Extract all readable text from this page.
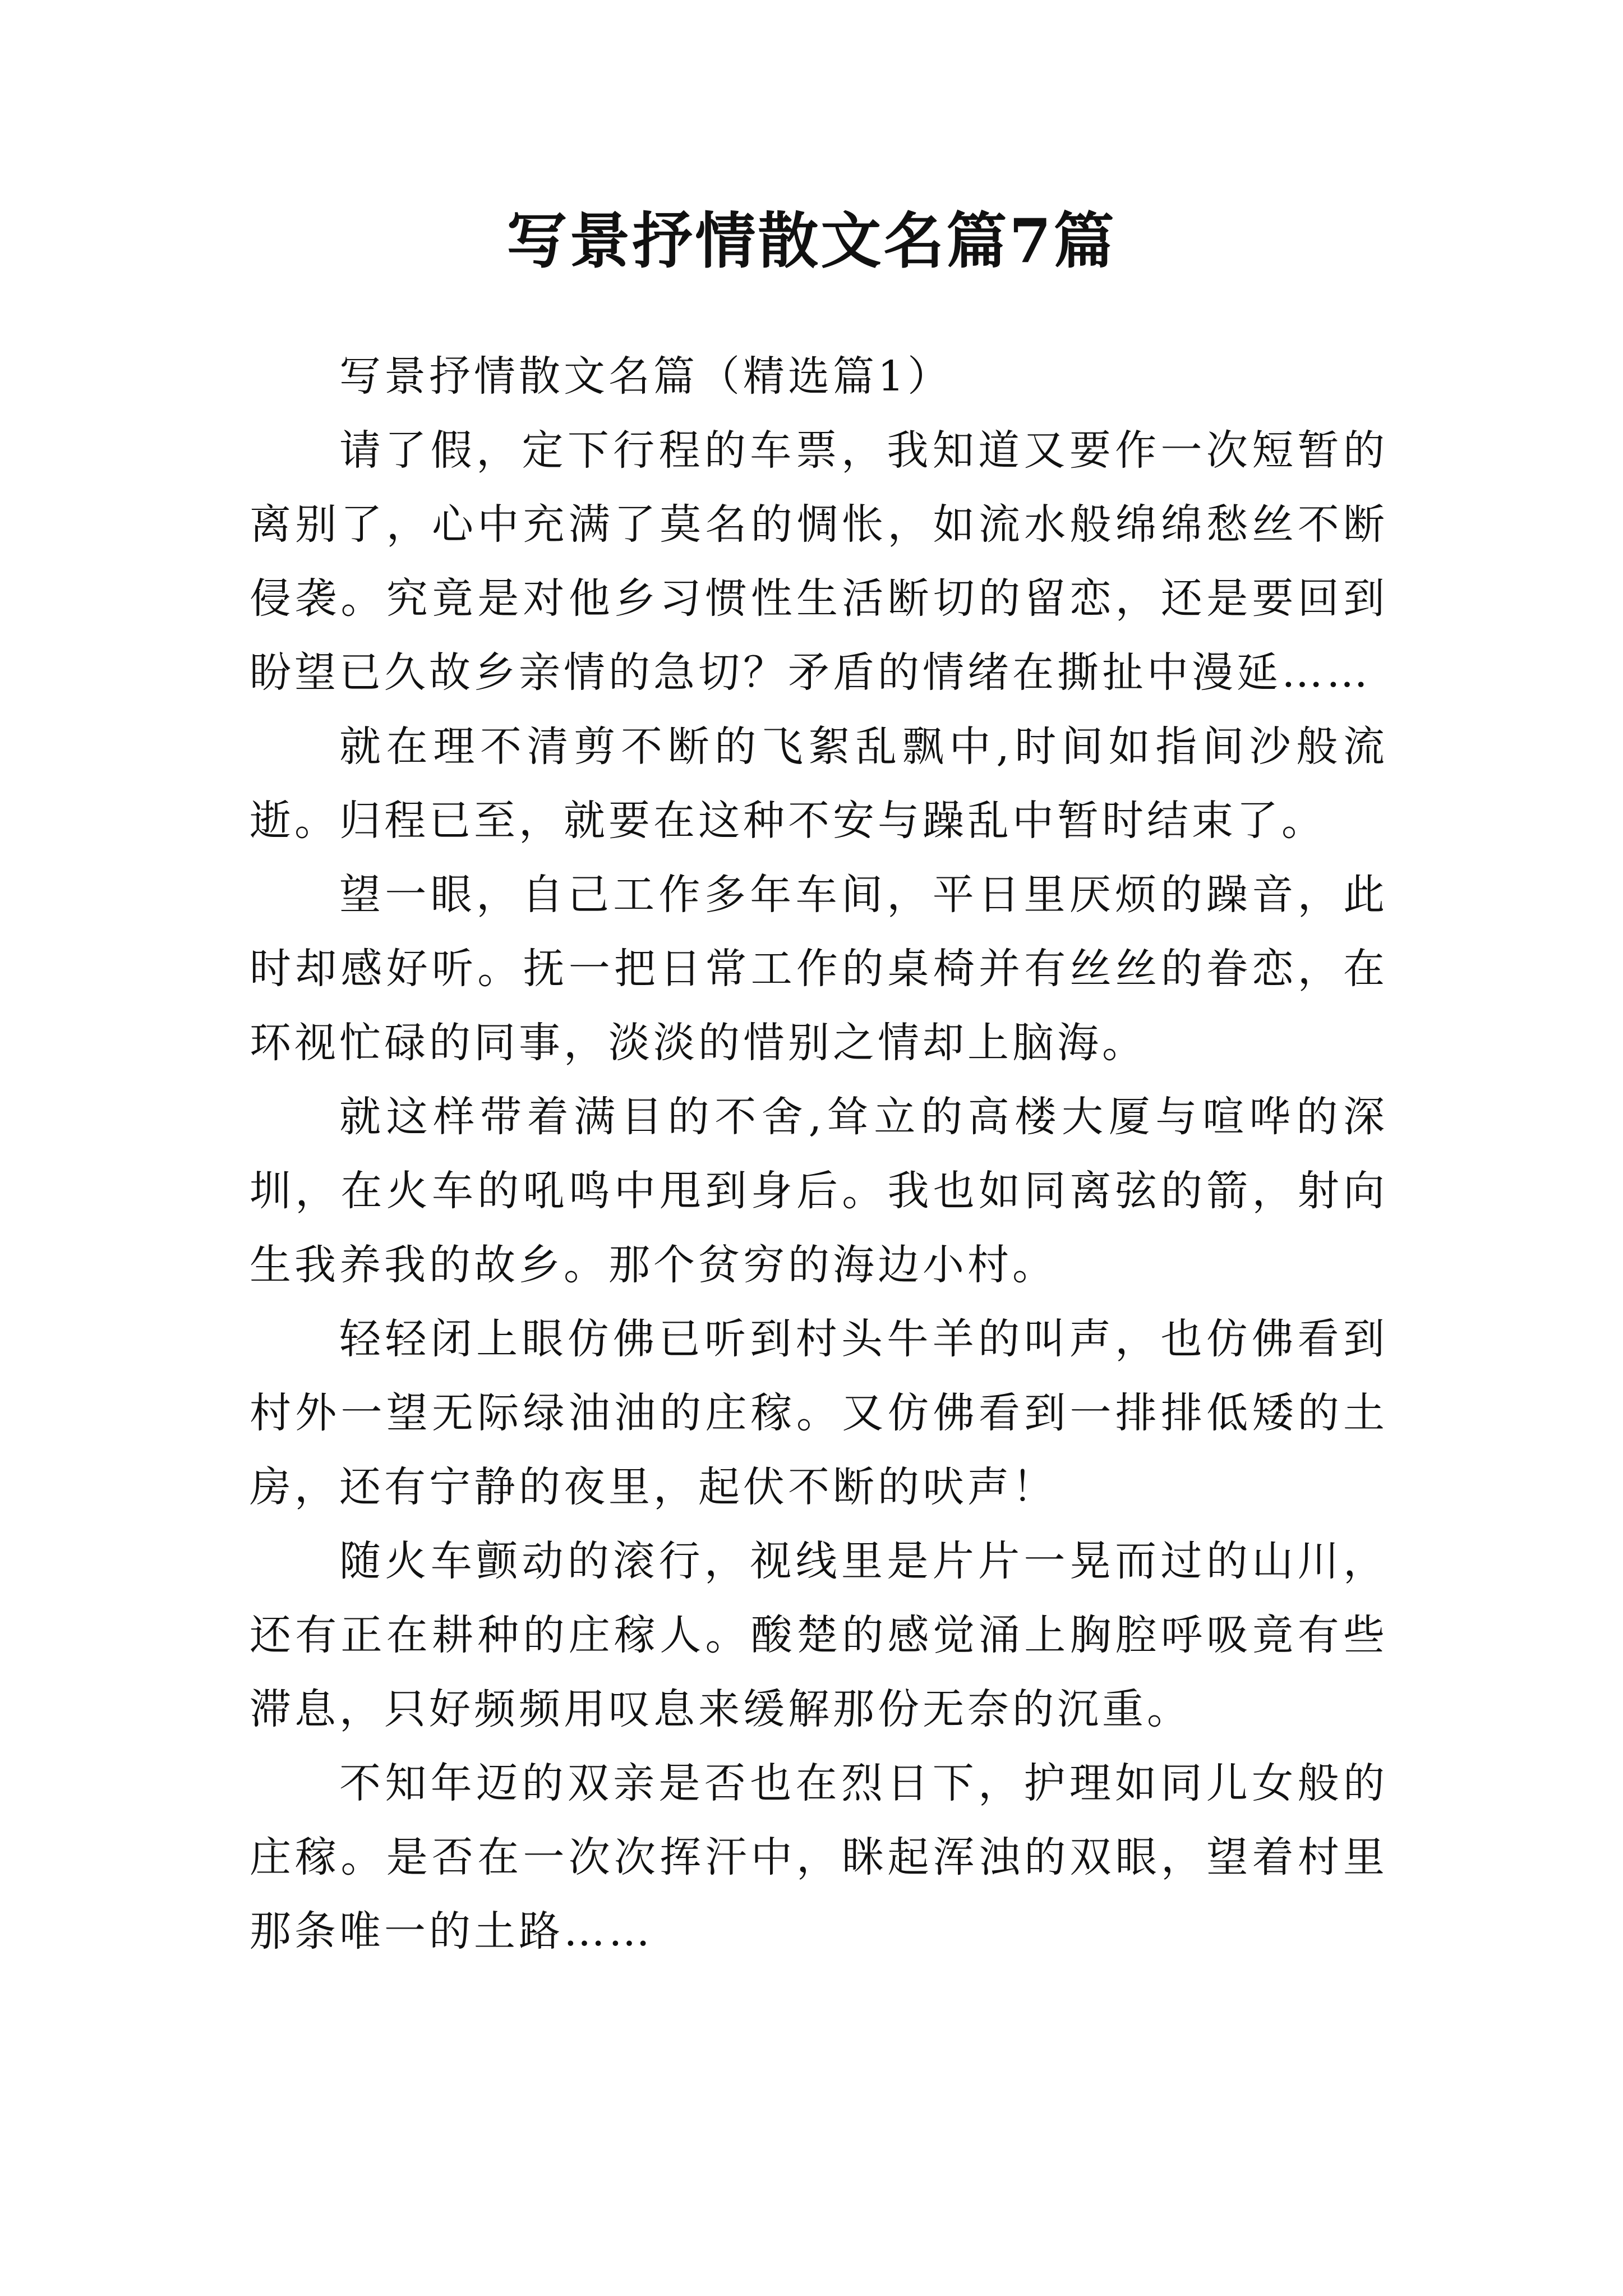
写景抒情散文名篇7篇

写景抒情散文名篇（精选篇1）

请了假，定下行程的车票，我知道又要作一次短暂的离别了，心中充满了莫名的惆怅，如流水般绵绵愁丝不断侵袭。究竟是对他乡习惯性生活断切的留恋，还是要回到盼望已久故乡亲情的急切？矛盾的情绪在撕扯中漫延……

就在理不清剪不断的飞絮乱飘中,时间如指间沙般流逝。归程已至，就要在这种不安与躁乱中暂时结束了。

望一眼，自己工作多年车间，平日里厌烦的躁音，此时却感好听。抚一把日常工作的桌椅并有丝丝的眷恋，在环视忙碌的同事，淡淡的惜别之情却上脑海。

就这样带着满目的不舍,耸立的高楼大厦与喧哗的深圳，在火车的吼鸣中甩到身后。我也如同离弦的箭，射向生我养我的故乡。那个贫穷的海边小村。

轻轻闭上眼仿佛已听到村头牛羊的叫声，也仿佛看到村外一望无际绿油油的庄稼。又仿佛看到一排排低矮的土房，还有宁静的夜里，起伏不断的吠声！

随火车颤动的滚行，视线里是片片一晃而过的山川，还有正在耕种的庄稼人。酸楚的感觉涌上胸腔呼吸竟有些滞息，只好频频用叹息来缓解那份无奈的沉重。

不知年迈的双亲是否也在烈日下，护理如同儿女般的庄稼。是否在一次次挥汗中，眯起浑浊的双眼，望着村里那条唯一的土路……
